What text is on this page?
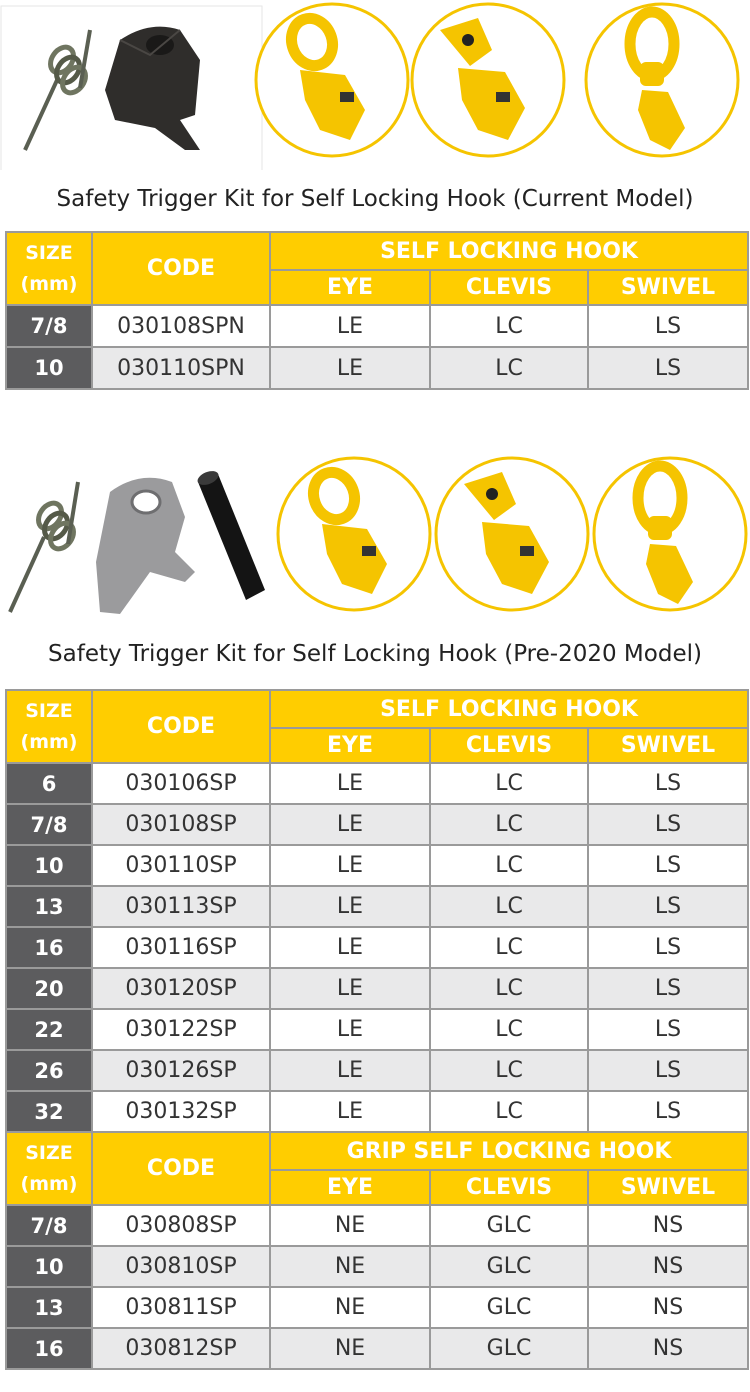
Safety Trigger Kit for Self Locking Hook (Current Model)
SIZE
(mm)	CODE	SELF LOCKING HOOK		
		EYE	CLEVIS	SWIVEL
7/8	030108SPN	LE	LC	LS
10	030110SPN	LE	LC	LS
Safety Trigger Kit for Self Locking Hook (Pre-2020 Model)
SIZE
(mm)	CODE	SELF LOCKING HOOK		
		EYE	CLEVIS	SWIVEL
6	030106SP	LE	LC	LS
7/8	030108SP	LE	LC	LS
10	030110SP	LE	LC	LS
13	030113SP	LE	LC	LS
16	030116SP	LE	LC	LS
20	030120SP	LE	LC	LS
22	030122SP	LE	LC	LS
26	030126SP	LE	LC	LS
32	030132SP	LE	LC	LS
SIZE
(mm)	CODE	GRIP SELF LOCKING HOOK		
		EYE	CLEVIS	SWIVEL
7/8	030808SP	NE	GLC	NS
10	030810SP	NE	GLC	NS
13	030811SP	NE	GLC	NS
16	030812SP	NE	GLC	NS
